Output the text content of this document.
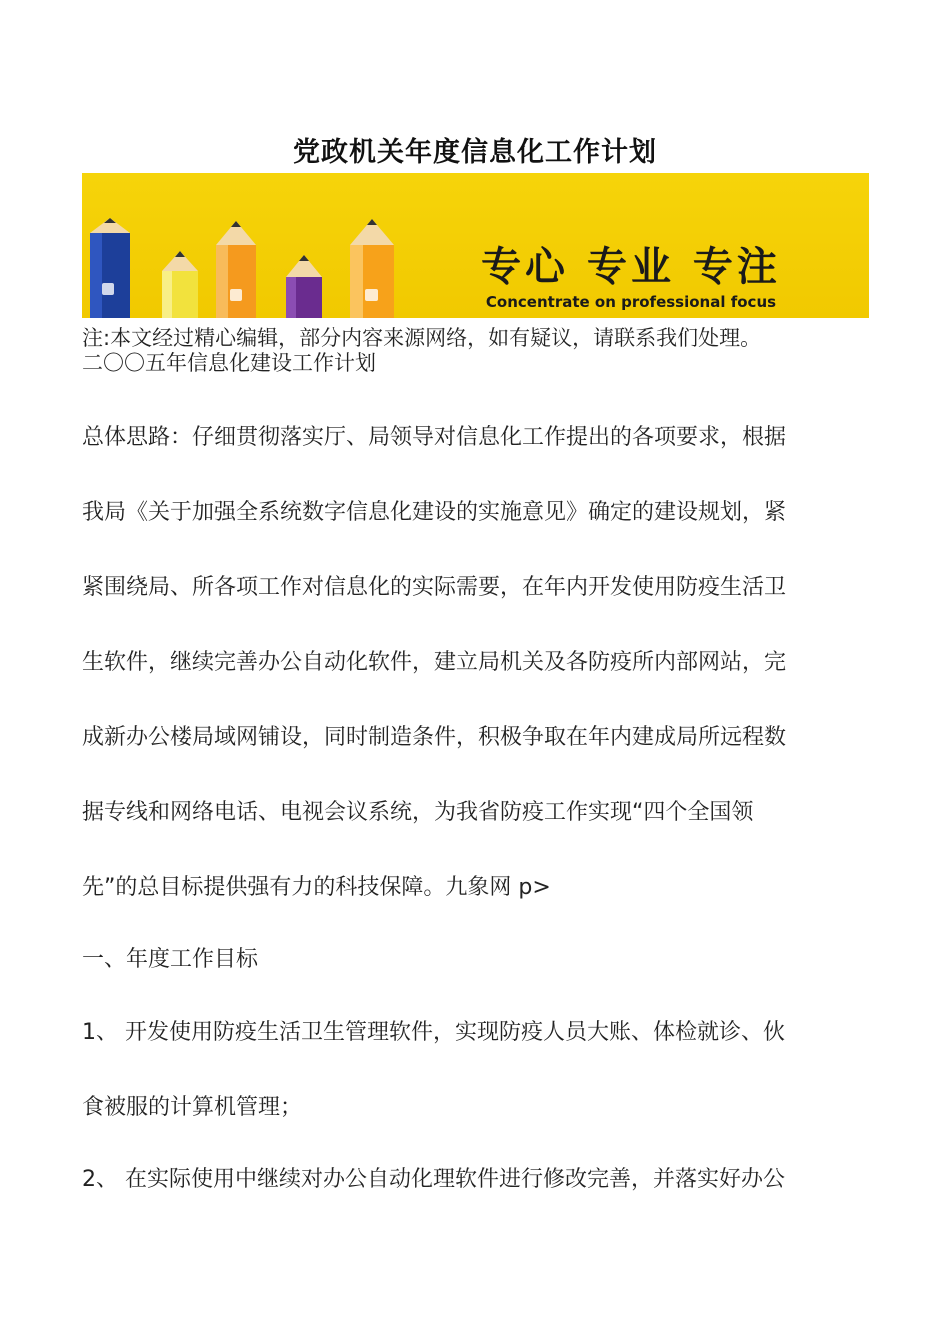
党政机关年度信息化工作计划
专心 专业 专注
Concentrate on professional focus
注:本文经过精心编辑，部分内容来源网络，如有疑议，请联系我们处理。
二〇〇五年信息化建设工作计划
总体思路：仔细贯彻落实厅、局领导对信息化工作提出的各项要求，根据
我局《关于加强全系统数字信息化建设的实施意见》确定的建设规划，紧
紧围绕局、所各项工作对信息化的实际需要，在年内开发使用防疫生活卫
生软件，继续完善办公自动化软件，建立局机关及各防疫所内部网站，完
成新办公楼局域网铺设，同时制造条件，积极争取在年内建成局所远程数
据专线和网络电话、电视会议系统，为我省防疫工作实现“四个全国领
先”的总目标提供强有力的科技保障。九象网 p>
一、年度工作目标
1、 开发使用防疫生活卫生管理软件，实现防疫人员大账、体检就诊、伙
食被服的计算机管理；
2、 在实际使用中继续对办公自动化理软件进行修改完善，并落实好办公
